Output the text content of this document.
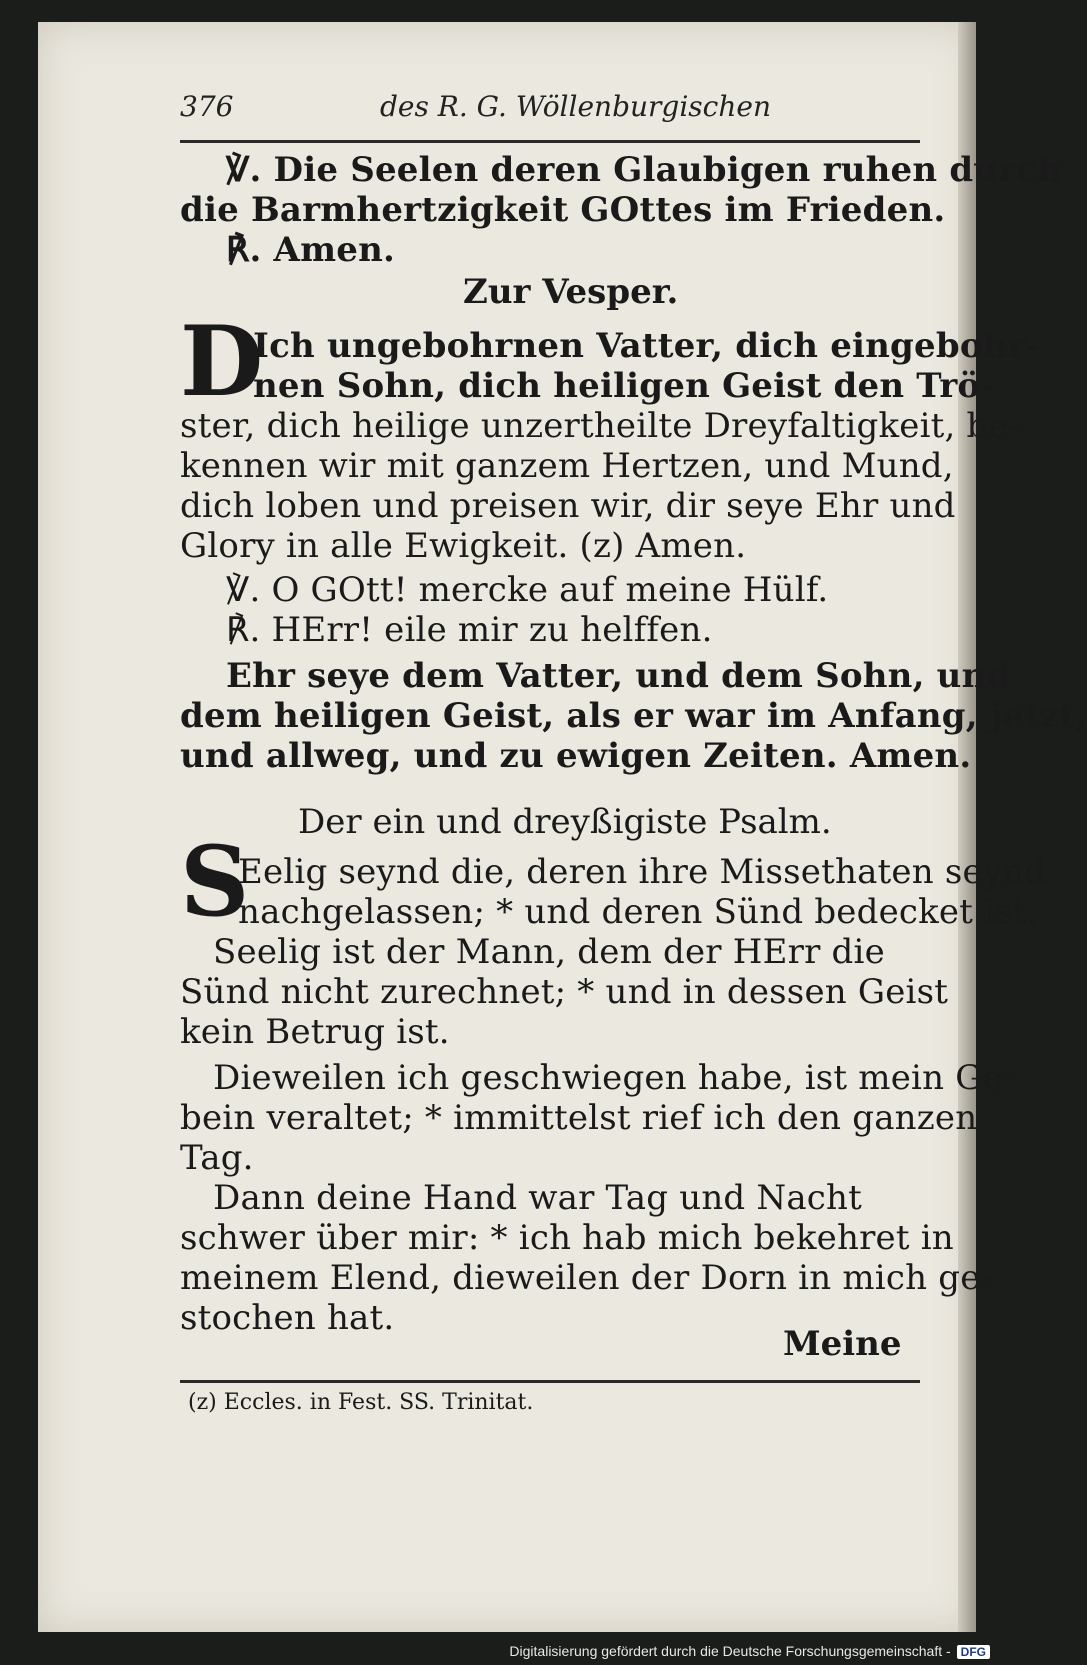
376	des R. G. Wöllenburgischen
℣. Die Seelen deren Glaubigen ruhen durch
die Barmhertzigkeit GOttes im Frieden.
℟. Amen.
Zur Vesper.
D
Ich ungebohrnen Vatter, dich eingebohr-
nen Sohn, dich heiligen Geist den Trö-
ster, dich heilige unzertheilte Dreyfaltigkeit, be-
kennen wir mit ganzem Hertzen, und Mund,
dich loben und preisen wir, dir seye Ehr und
Glory in alle Ewigkeit. (z) Amen.
℣. O GOtt! mercke auf meine Hülf.
℟. HErr! eile mir zu helffen.
Ehr seye dem Vatter, und dem Sohn, und
dem heiligen Geist, als er war im Anfang, jetzt,
und allweg, und zu ewigen Zeiten. Amen.
Der ein und dreyßigiste Psalm.
S
Eelig seynd die, deren ihre Missethaten seynd
nachgelassen; * und deren Sünd bedecket ist.
Seelig ist der Mann, dem der HErr die
Sünd nicht zurechnet; * und in dessen Geist
kein Betrug ist.
Dieweilen ich geschwiegen habe, ist mein Ge-
bein veraltet; * immittelst rief ich den ganzen
Tag.
Dann deine Hand war Tag und Nacht
schwer über mir: * ich hab mich bekehret in
meinem Elend, dieweilen der Dorn in mich ge-
stochen hat.
Meine
(z) Eccles. in Fest. SS. Trinitat.
Digitalisierung gefördert durch die Deutsche Forschungsgemeinschaft - DFG
